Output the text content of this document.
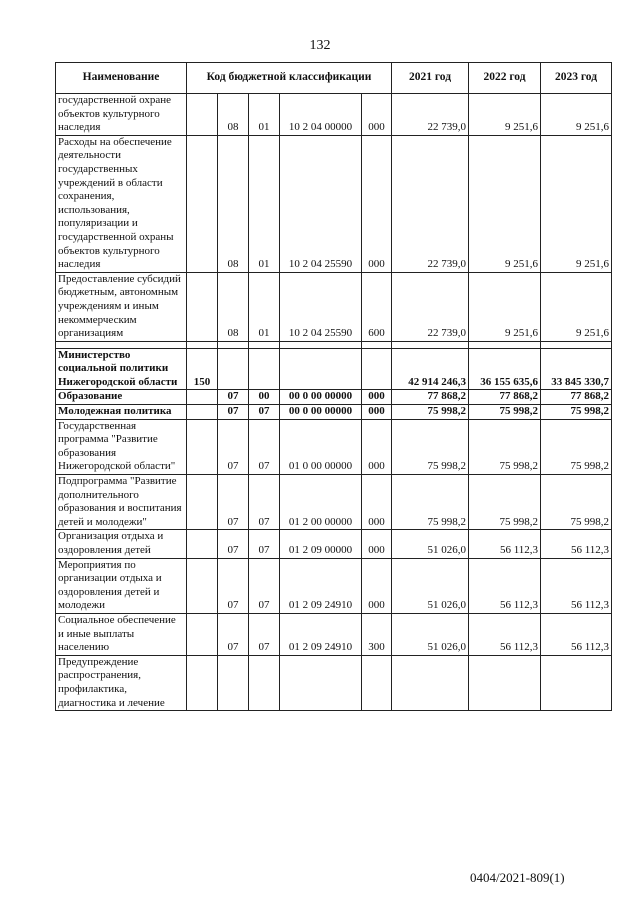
132
Наименование	Код бюджетной классификации					2021 год	2022 год	2023 год
государственной охране объектов культурного наследия		08	01	10 2 04 00000	000	22 739,0	9 251,6	9 251,6
Расходы на обеспечение деятельности государственных учреждений в области сохранения, использования, популяризации и государственной охраны объектов культурного наследия		08	01	10 2 04 25590	000	22 739,0	9 251,6	9 251,6
Предоставление субсидий бюджетным, автономным учреждениям и иным некоммерческим организациям		08	01	10 2 04 25590	600	22 739,0	9 251,6	9 251,6

Министерство социальной политики Нижегородской области	150					42 914 246,3	36 155 635,6	33 845 330,7
Образование		07	00	00 0 00 00000	000	77 868,2	77 868,2	77 868,2
Молодежная политика		07	07	00 0 00 00000	000	75 998,2	75 998,2	75 998,2
Государственная программа "Развитие образования Нижегородской области"		07	07	01 0 00 00000	000	75 998,2	75 998,2	75 998,2
Подпрограмма "Развитие дополнительного образования и воспитания детей и молодежи"		07	07	01 2 00 00000	000	75 998,2	75 998,2	75 998,2
Организация отдыха и оздоровления детей		07	07	01 2 09 00000	000	51 026,0	56 112,3	56 112,3
Мероприятия по организации отдыха и оздоровления детей и молодежи		07	07	01 2 09 24910	000	51 026,0	56 112,3	56 112,3
Социальное обеспечение и иные выплаты населению		07	07	01 2 09 24910	300	51 026,0	56 112,3	56 112,3
Предупреждение распространения, профилактика, диагностика и лечение								
0404/2021-809(1)
